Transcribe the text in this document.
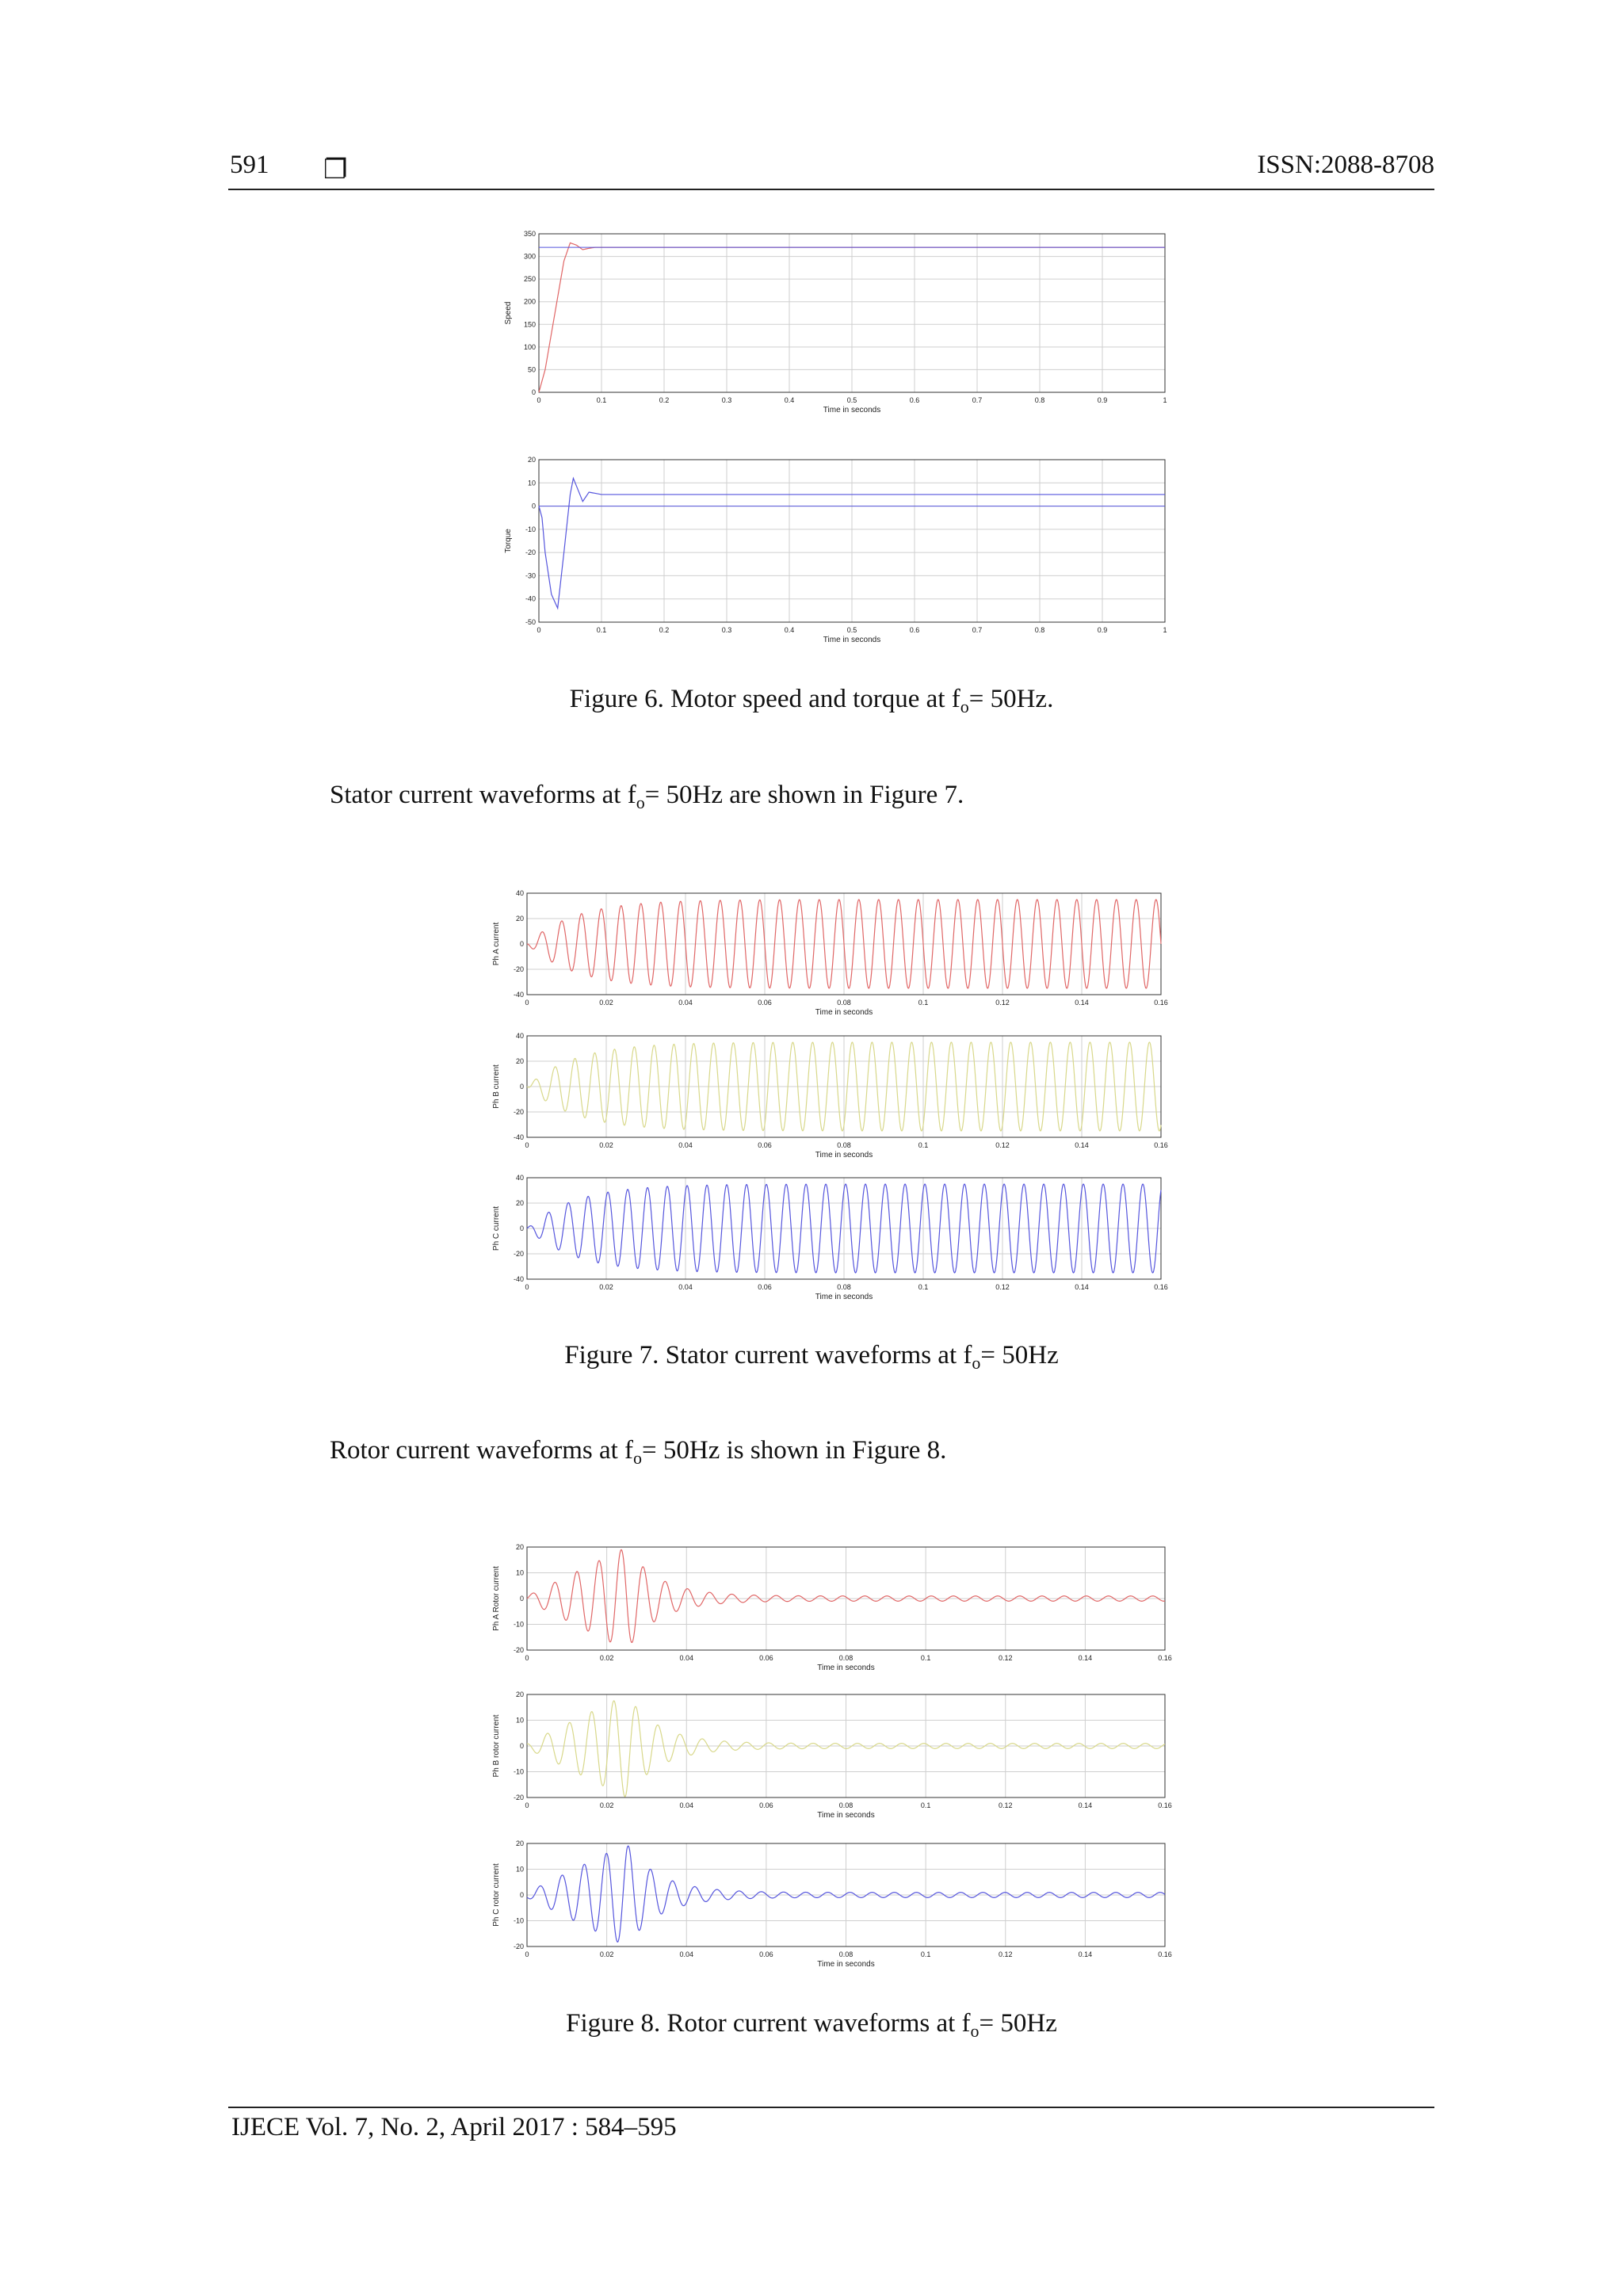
591 ❐	ISSN:2088-8708
0	0.1	0.2	0.3	0.4	0.5	0.6	0.7	0.8	0.9	1
350
300
250
200
150
100
50
0
Time in seconds
Speed
0	0.1	0.2	0.3	0.4	0.5	0.6	0.7	0.8	0.9	1
20
10
0
-10
-20
-30
-40
-50
Time in seconds
Torque
Figure 6. Motor speed and torque at $f_o= 50Hz$.
Stator current waveforms at $f_o= 50Hz$ are shown in Figure 7.
0	0.02	0.04	0.06	0.08	0.1	0.12	0.14	0.16
40
20
0
-20
-40
Time in seconds
Ph A current
0	0.02	0.04	0.06	0.08	0.1	0.12	0.14	0.16
40
20
0
-20
-40
Time in seconds
Ph B current
0	0.02	0.04	0.06	0.08	0.1	0.12	0.14	0.16
40
20
0
-20
-40
Time in seconds
Ph C current
Figure 7. Stator current waveforms at $f_o= 50Hz$
Rotor current waveforms at $f_o= 50Hz$ is shown in Figure 8.
0	0.02	0.04	0.06	0.08	0.1	0.12	0.14	0.16
20
10
0
-10
-20
Time in seconds
Ph A Rotor current
0	0.02	0.04	0.06	0.08	0.1	0.12	0.14	0.16
20
10
0
-10
-20
Time in seconds
Ph B rotor current
0	0.02	0.04	0.06	0.08	0.1	0.12	0.14	0.16
20
10
0
-10
-20
Time in seconds
Ph C rotor current
Figure 8. Rotor current waveforms at $f_o= 50Hz$
IJECE Vol. 7, No. 2, April 2017 : 584–595
